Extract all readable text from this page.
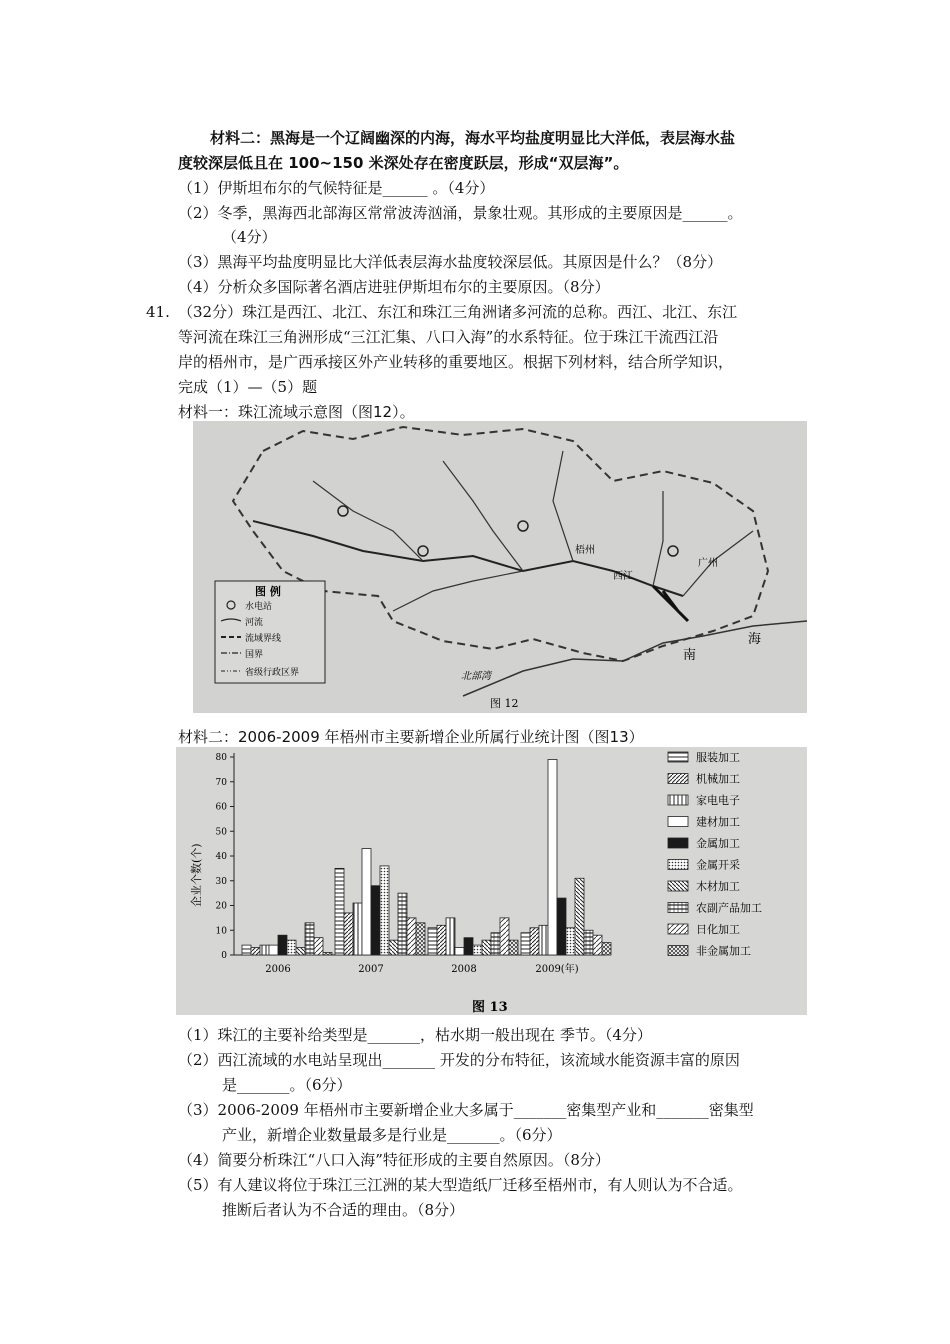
材料二：黑海是一个辽阔幽深的内海，海水平均盐度明显比大洋低，表层海水盐
度较深层低且在 100~150 米深处存在密度跃层，形成“双层海”。
（1）伊斯坦布尔的气候特征是______ 。（4分）
（2）冬季，黑海西北部海区常常波涛汹涌，景象壮观。其形成的主要原因是______。
（4分）
（3）黑海平均盐度明显比大洋低表层海水盐度较深层低。其原因是什么？（8分）
（4）分析众多国际著名酒店进驻伊斯坦布尔的主要原因。（8分）
41. （32分）珠江是西江、北江、东江和珠江三角洲诸多河流的总称。西江、北江、东江
等河流在珠江三角洲形成“三江汇集、八口入海”的水系特征。位于珠江干流西江沿
岸的梧州市，是广西承接区外产业转移的重要地区。根据下列材料，结合所学知识，
完成（1）—（5）题
材料一：珠江流域示意图（图12）。
梧州
西江
广州
南
海
北部湾
图 12
图 例
水电站
河流
流域界线
国界
省级行政区界
材料二：2006-2009 年梧州市主要新增企业所属行业统计图（图13）
0
10
20
30
40
50
60
70
80
2006	2007	2008	2009(年)
服装加工
机械加工
家电电子
建材加工
金属加工
金属开采
木材加工
农副产品加工
日化加工
非金属加工
企业个数(个)
图 13
（1）珠江的主要补给类型是_______，枯水期一般出现在 季节。（4分）
（2）西江流域的水电站呈现出_______ 开发的分布特征，该流域水能资源丰富的原因
是_______。（6分）
（3）2006-2009 年梧州市主要新增企业大多属于_______密集型产业和_______密集型
产业，新增企业数量最多是行业是_______。（6分）
（4）简要分析珠江“八口入海”特征形成的主要自然原因。（8分）
（5）有人建议将位于珠江三江洲的某大型造纸厂迁移至梧州市，有人则认为不合适。
推断后者认为不合适的理由。（8分）
